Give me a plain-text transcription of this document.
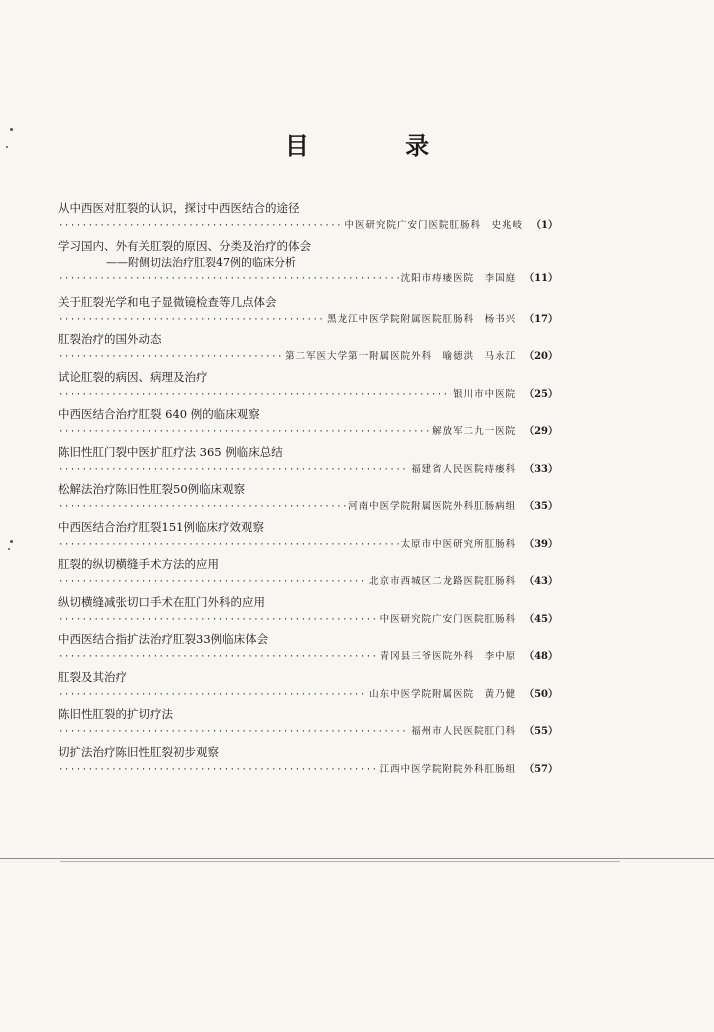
目 录
从中西医对肛裂的认识，探讨中西医结合的途径
·····
中医研究院广安门医院肛肠科　史兆岐 （1）
学习国内、外有关肛裂的原因、分类及治疗的体会
——附侧切法治疗肛裂47例的临床分析
·····
沈阳市痔瘘医院　李国庭 （11）
关于肛裂光学和电子显微镜检查等几点体会
·····
黑龙江中医学院附属医院肛肠科　杨书兴 （17）
肛裂治疗的国外动态
·····
第二军医大学第一附属医院外科　喻德洪　马永江 （20）
试论肛裂的病因、病理及治疗
·····
银川市中医院 （25）
中西医结合治疗肛裂 640 例的临床观察
·····
解放军二九一医院 （29）
陈旧性肛门裂中医扩肛疗法 365 例临床总结
·····
福建省人民医院痔瘘科 （33）
松解法治疗陈旧性肛裂50例临床观察
·····
河南中医学院附属医院外科肛肠病组 （35）
中西医结合治疗肛裂151例临床疗效观察
·····
太原市中医研究所肛肠科 （39）
肛裂的纵切横缝手术方法的应用
·····
北京市西城区二龙路医院肛肠科 （43）
纵切横缝减张切口手术在肛门外科的应用
·····
中医研究院广安门医院肛肠科 （45）
中西医结合指扩法治疗肛裂33例临床体会
·····
青冈县三爷医院外科　李中原 （48）
肛裂及其治疗
·····
山东中医学院附属医院　黄乃健 （50）
陈旧性肛裂的扩切疗法
·····
福州市人民医院肛门科 （55）
切扩法治疗陈旧性肛裂初步观察
·····
江西中医学院附院外科肛肠组 （57）
